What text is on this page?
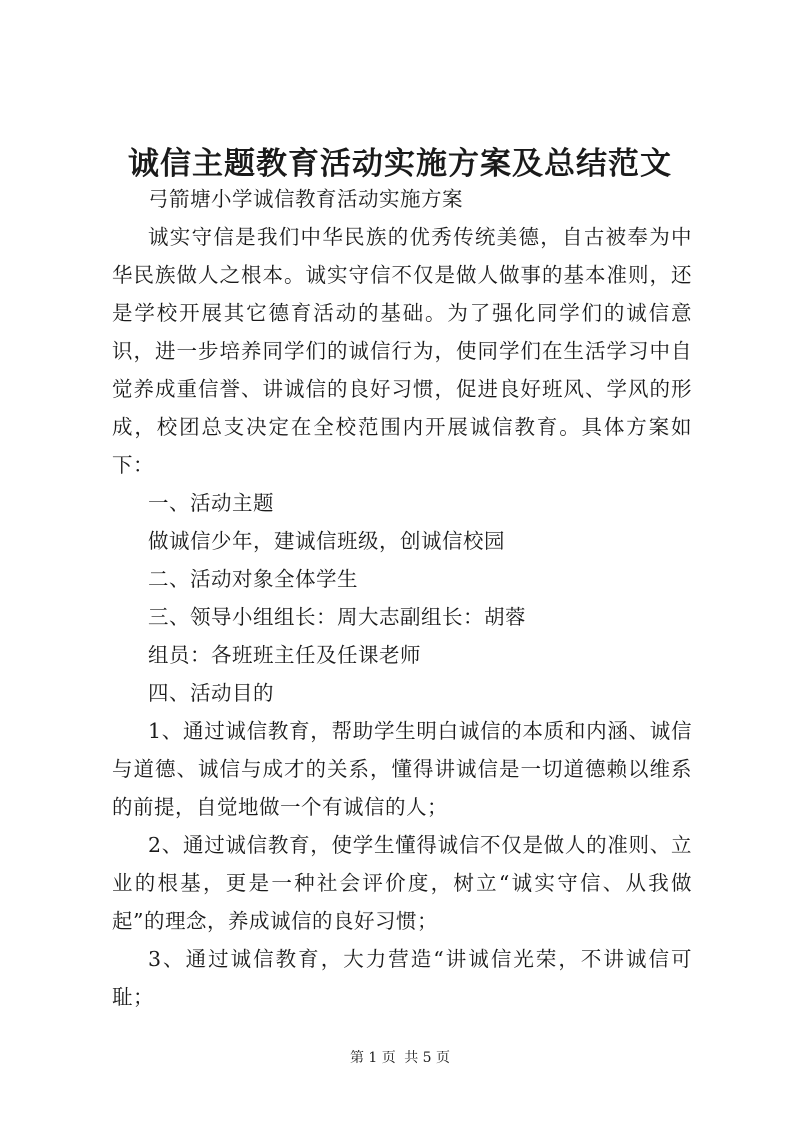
诚信主题教育活动实施方案及总结范文

弓箭塘小学诚信教育活动实施方案

诚实守信是我们中华民族的优秀传统美德，自古被奉为中华民族做人之根本。诚实守信不仅是做人做事的基本准则，还是学校开展其它德育活动的基础。为了强化同学们的诚信意识，进一步培养同学们的诚信行为，使同学们在生活学习中自觉养成重信誉、讲诚信的良好习惯，促进良好班风、学风的形成，校团总支决定在全校范围内开展诚信教育。具体方案如下：

一、活动主题

做诚信少年，建诚信班级，创诚信校园

二、活动对象全体学生

三、领导小组组长：周大志副组长：胡蓉

组员：各班班主任及任课老师

四、活动目的

1、通过诚信教育，帮助学生明白诚信的本质和内涵、诚信与道德、诚信与成才的关系，懂得讲诚信是一切道德赖以维系的前提，自觉地做一个有诚信的人；

2、通过诚信教育，使学生懂得诚信不仅是做人的准则、立业的根基，更是一种社会评价度，树立“诚实守信、从我做起”的理念，养成诚信的良好习惯；

3、通过诚信教育，大力营造“讲诚信光荣，不讲诚信可耻；

第 1 页 共 5 页
